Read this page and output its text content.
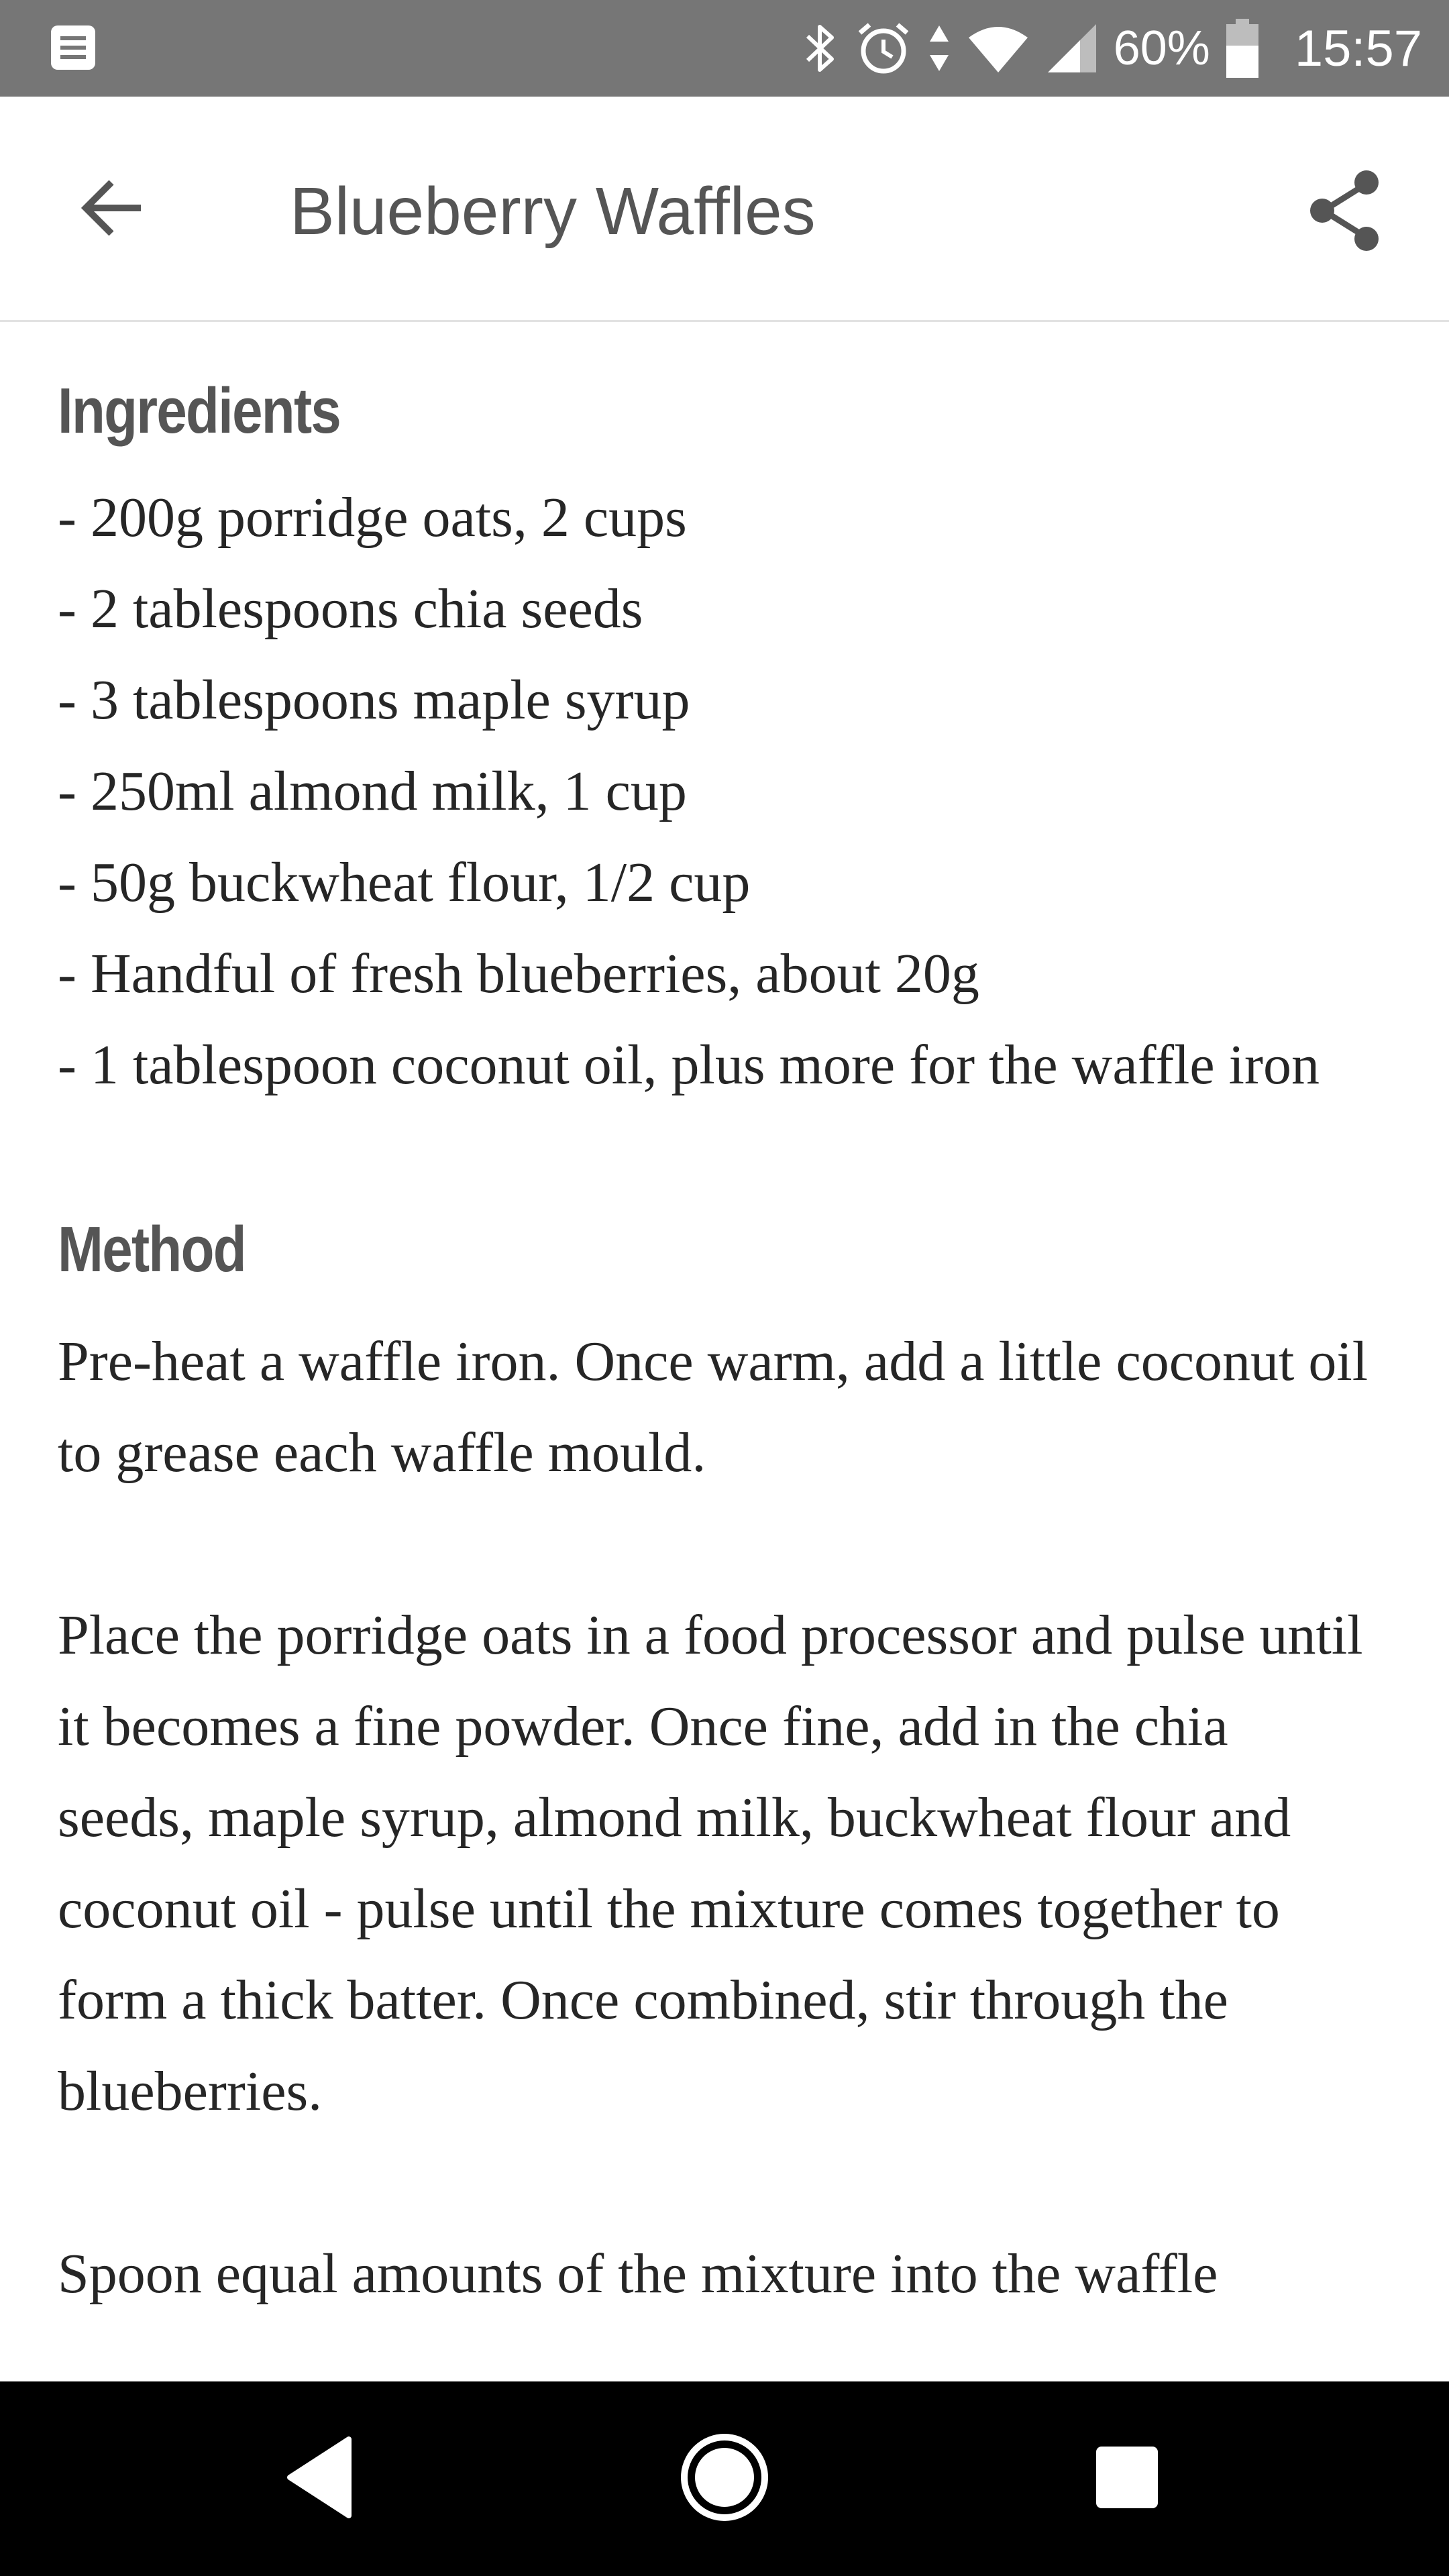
60% 15:57
Blueberry Waffles
Ingredients
- 200g porridge oats, 2 cups
- 2 tablespoons chia seeds
- 3 tablespoons maple syrup
- 250ml almond milk, 1 cup
- 50g buckwheat flour, 1/2 cup
- Handful of fresh blueberries, about 20g
- 1 tablespoon coconut oil, plus more for the waffle iron
Method

Pre-heat a waffle iron. Once warm, add a little coconut oil to grease each waffle mould.

Place the porridge oats in a food processor and pulse until it becomes a fine powder. Once fine, add in the chia seeds, maple syrup, almond milk, buckwheat flour and coconut oil - pulse until the mixture comes together to form a thick batter. Once combined, stir through the blueberries.

Spoon equal amounts of the mixture into the waffle
